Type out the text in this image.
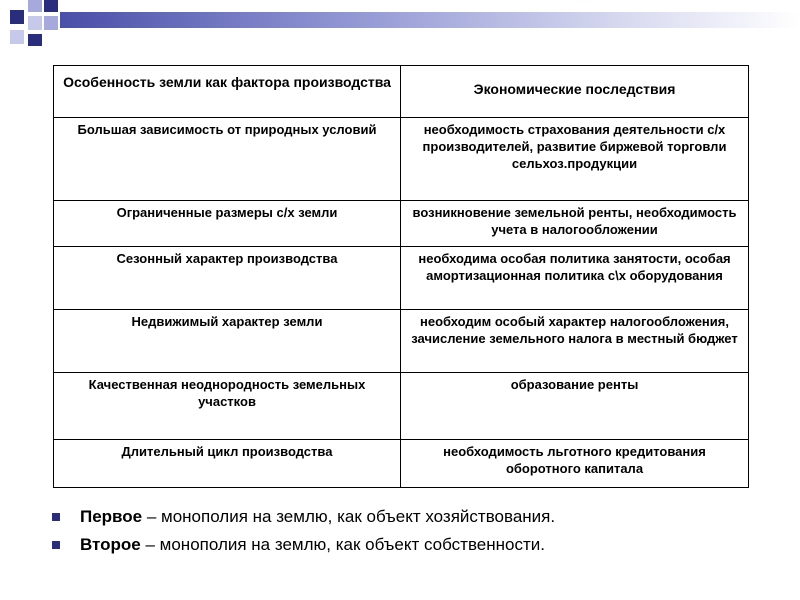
Особенность земли как фактора производства	Экономические последствия
Большая зависимость от природных условий	необходимость страхования деятельности с/х производителей, развитие биржевой торговли сельхоз.продукции
Ограниченные размеры с/х земли	возникновение земельной ренты, необходимость учета в налогообложении
Сезонный характер производства	необходима особая политика занятости, особая амортизационная политика с\х оборудования
Недвижимый характер земли	необходим особый характер налогообложения, зачисление земельного налога в местный бюджет
Качественная неоднородность земельных участков	образование ренты
Длительный цикл производства	необходимость льготного кредитования оборотного капитала
Первое – монополия на землю, как объект хозяйствования.
Второе – монополия на землю, как объект собственности.
